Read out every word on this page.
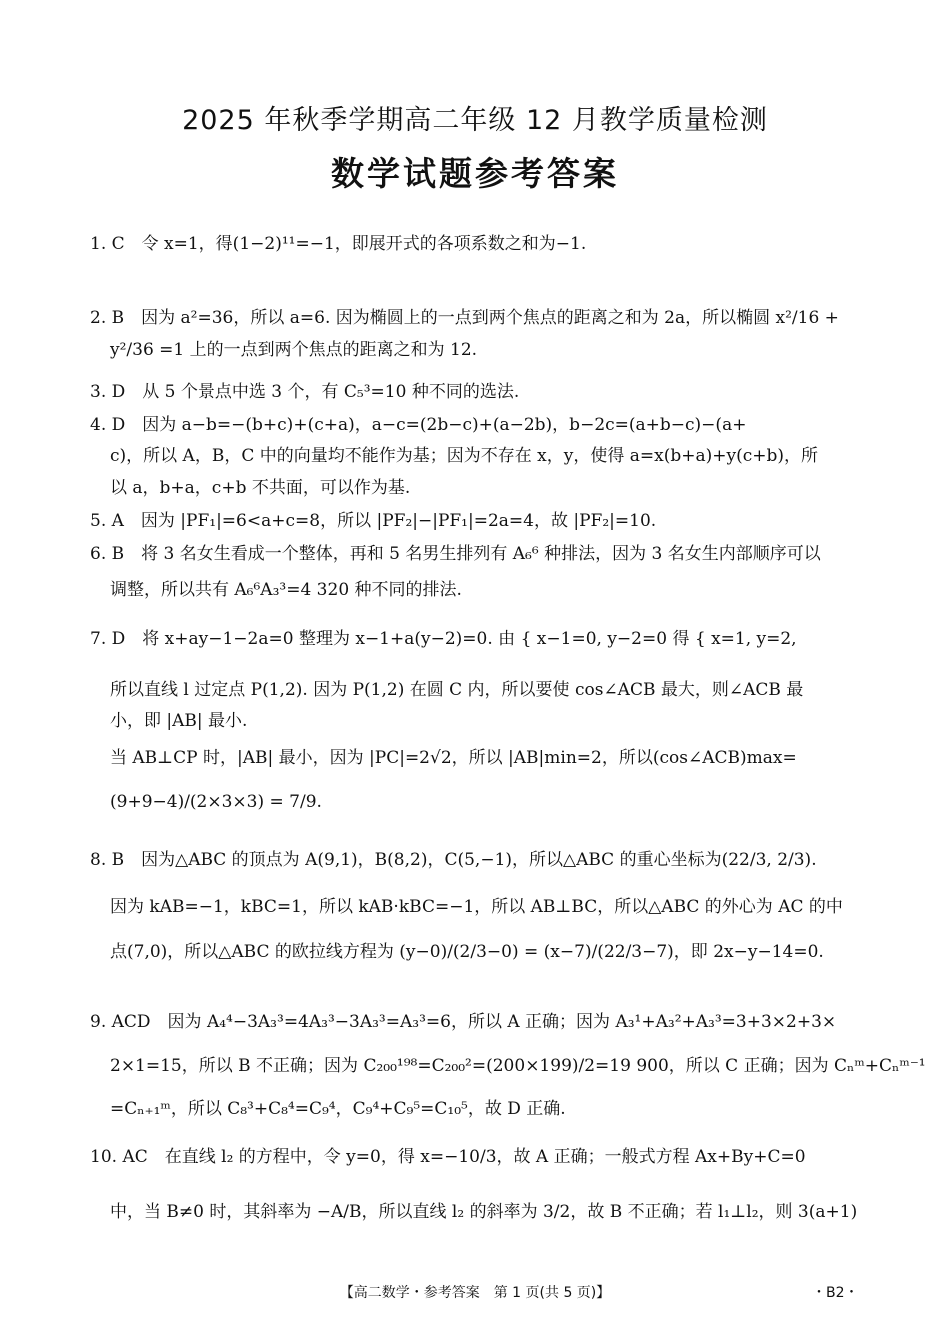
2025 年秋季学期高二年级 12 月教学质量检测
数学试题参考答案
1. C　令 x=1，得(1−2)¹¹=−1，即展开式的各项系数之和为−1.
2. B　因为 a²=36，所以 a=6. 因为椭圆上的一点到两个焦点的距离之和为 2a，所以椭圆 x²/16 +
y²/36 =1 上的一点到两个焦点的距离之和为 12.
3. D　从 5 个景点中选 3 个，有 C₅³=10 种不同的选法.
4. D　因为 a−b=−(b+c)+(c+a)，a−c=(2b−c)+(a−2b)，b−2c=(a+b−c)−(a+
c)，所以 A，B，C 中的向量均不能作为基；因为不存在 x，y，使得 a=x(b+a)+y(c+b)，所
以 a，b+a，c+b 不共面，可以作为基.
5. A　因为 |PF₁|=6<a+c=8，所以 |PF₂|−|PF₁|=2a=4，故 |PF₂|=10.
6. B　将 3 名女生看成一个整体，再和 5 名男生排列有 A₆⁶ 种排法，因为 3 名女生内部顺序可以
调整，所以共有 A₆⁶A₃³=4 320 种不同的排法.
7. D　将 x+ay−1−2a=0 整理为 x−1+a(y−2)=0. 由 { x−1=0, y−2=0 得 { x=1, y=2,
所以直线 l 过定点 P(1,2). 因为 P(1,2) 在圆 C 内，所以要使 cos∠ACB 最大，则∠ACB 最
小，即 |AB| 最小.
当 AB⊥CP 时，|AB| 最小，因为 |PC|=2√2，所以 |AB|min=2，所以(cos∠ACB)max=
(9+9−4)/(2×3×3) = 7/9.
8. B　因为△ABC 的顶点为 A(9,1)，B(8,2)，C(5,−1)，所以△ABC 的重心坐标为(22/3, 2/3).
因为 kAB=−1，kBC=1，所以 kAB·kBC=−1，所以 AB⊥BC，所以△ABC 的外心为 AC 的中
点(7,0)，所以△ABC 的欧拉线方程为 (y−0)/(2/3−0) = (x−7)/(22/3−7)，即 2x−y−14=0.
9. ACD　因为 A₄⁴−3A₃³=4A₃³−3A₃³=A₃³=6，所以 A 正确；因为 A₃¹+A₃²+A₃³=3+3×2+3×
2×1=15，所以 B 不正确；因为 C₂₀₀¹⁹⁸=C₂₀₀²=(200×199)/2=19 900，所以 C 正确；因为 Cₙᵐ+Cₙᵐ⁻¹
=Cₙ₊₁ᵐ，所以 C₈³+C₈⁴=C₉⁴，C₉⁴+C₉⁵=C₁₀⁵，故 D 正确.
10. AC　在直线 l₂ 的方程中，令 y=0，得 x=−10/3，故 A 正确；一般式方程 Ax+By+C=0
中，当 B≠0 时，其斜率为 −A/B，所以直线 l₂ 的斜率为 3/2，故 B 不正确；若 l₁⊥l₂，则 3(a+1)
【高二数学・参考答案　第 1 页(共 5 页)】	・B2・
